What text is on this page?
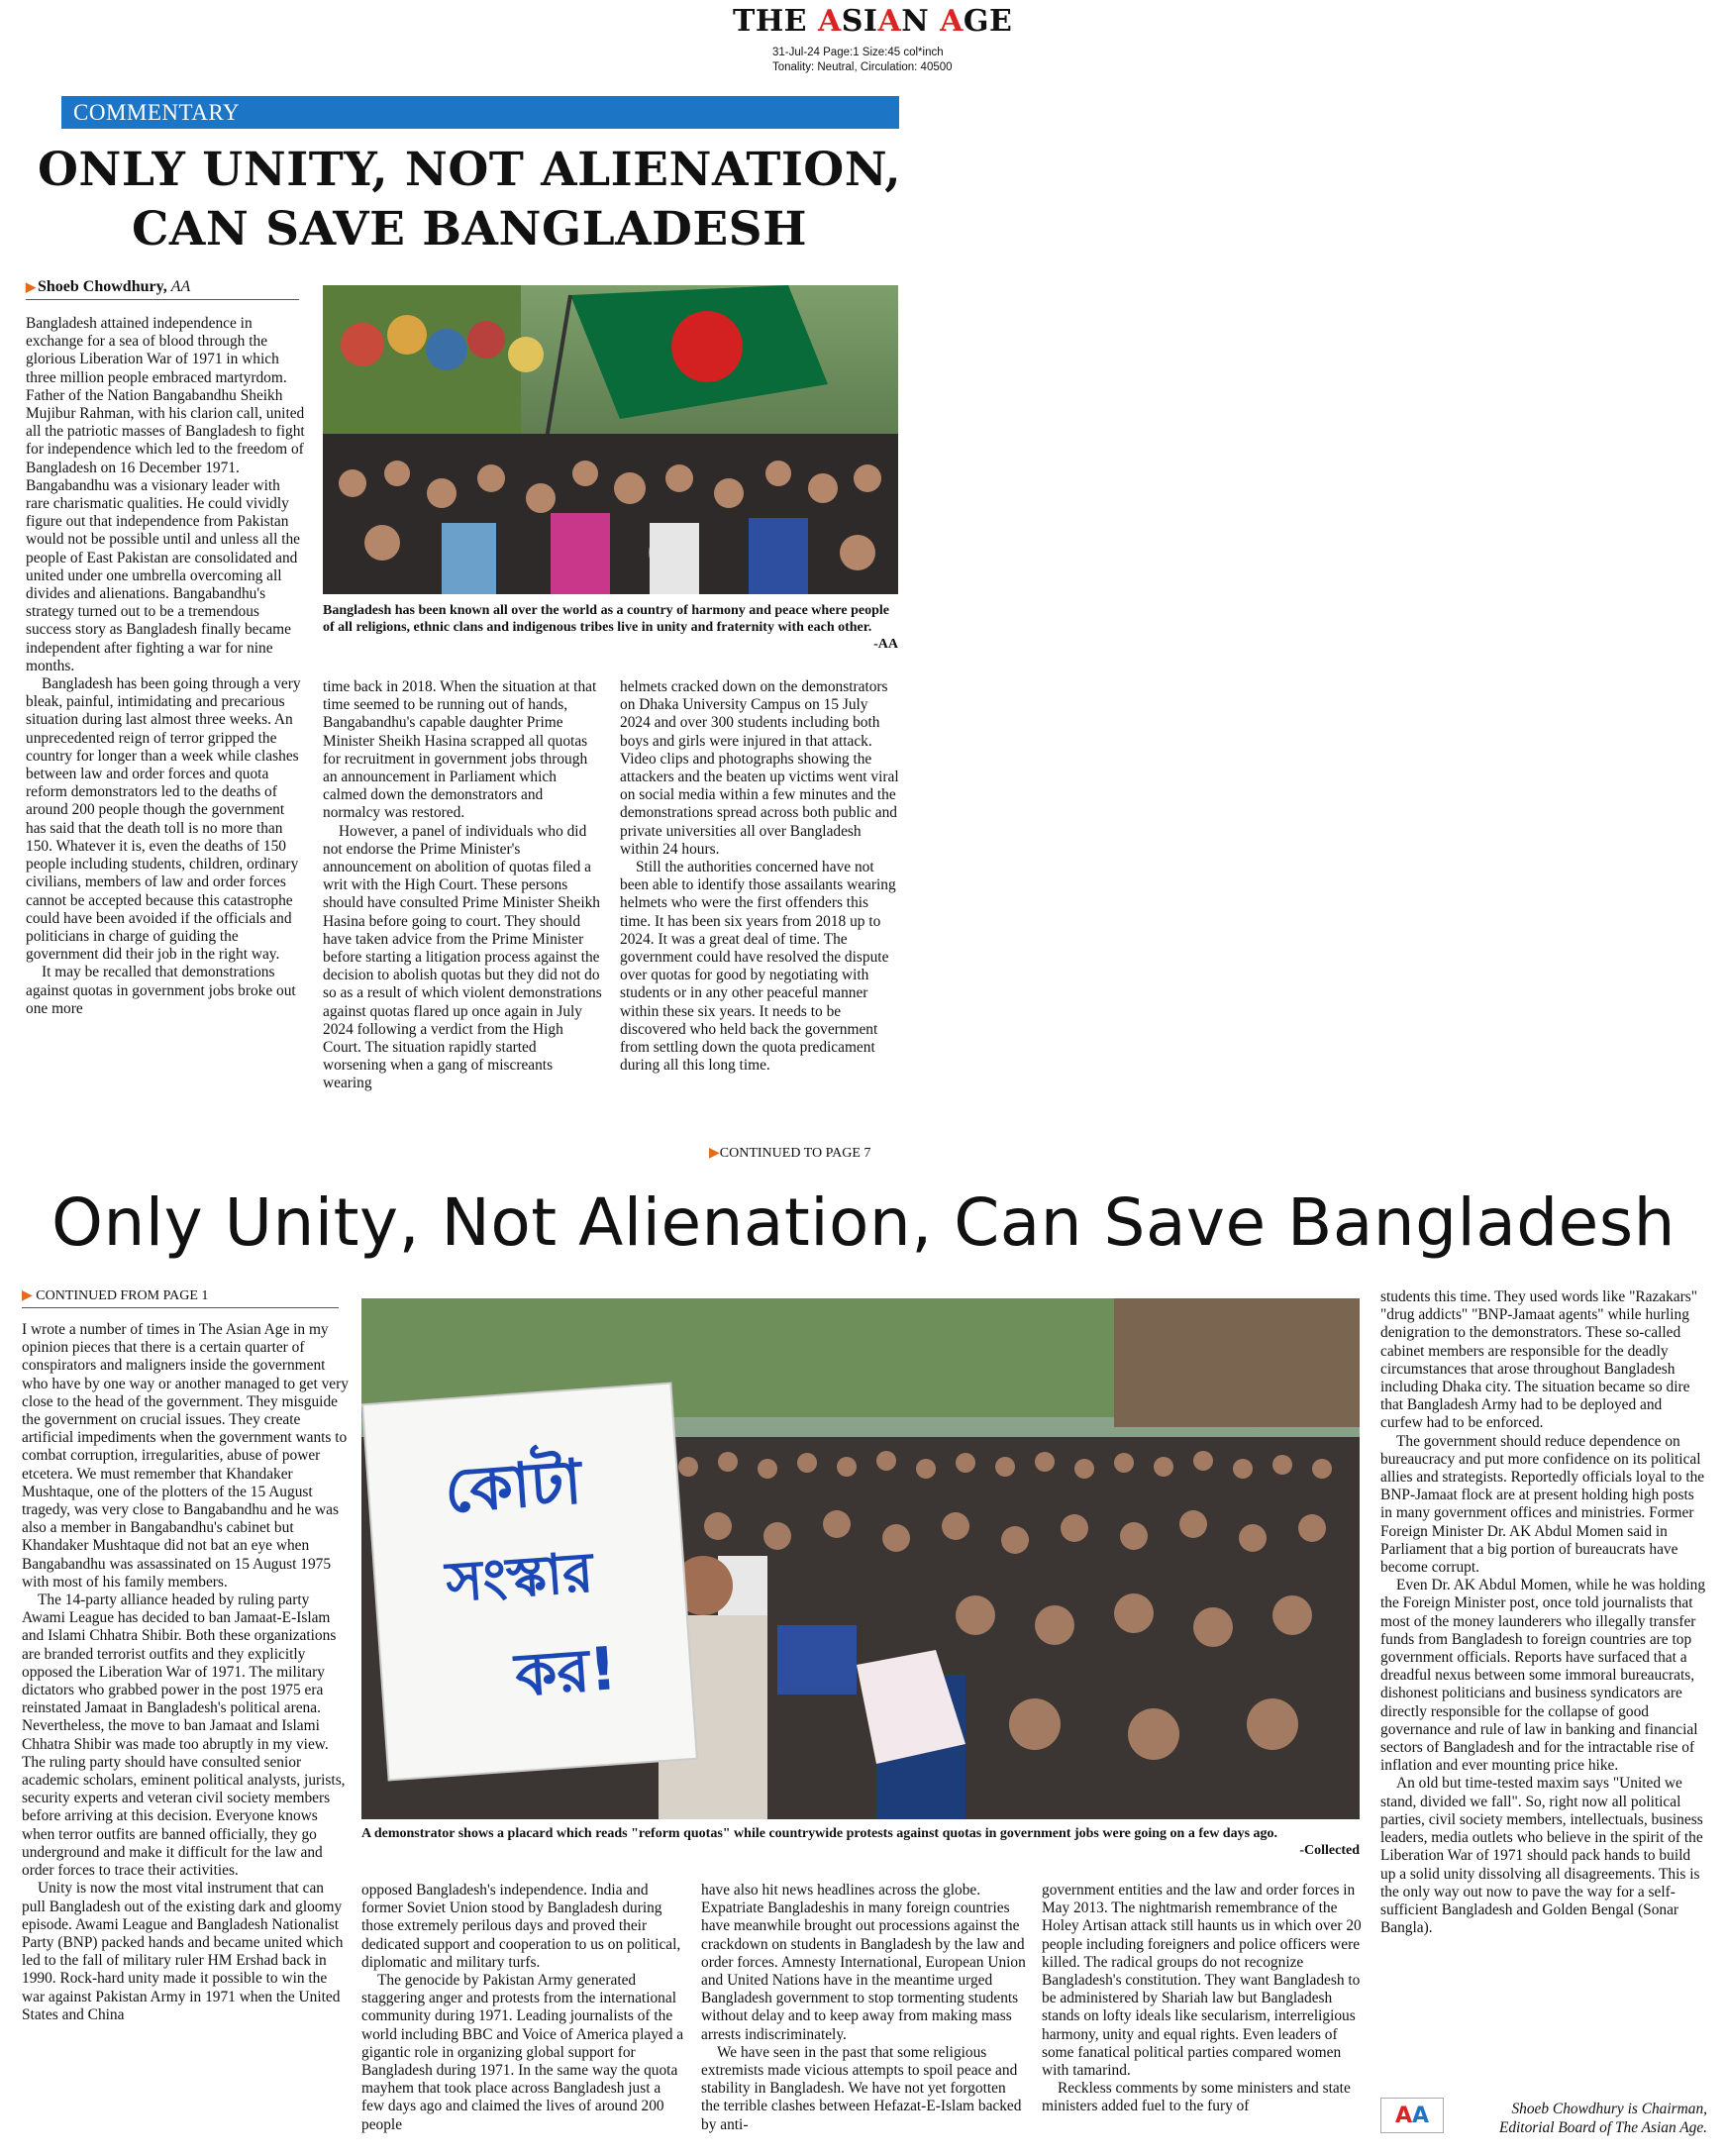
THE ASIAN AGE
31-Jul-24 Page:1 Size:45 col*inch
Tonality: Neutral, Circulation: 40500
COMMENTARY
ONLY UNITY, NOT ALIENATION, CAN SAVE BANGLADESH
▶ Shoeb Chowdhury, AA

Bangladesh attained independence in exchange for a sea of blood through the glorious Liberation War of 1971 in which three million people embraced martyrdom. Father of the Nation Bangabandhu Sheikh Mujibur Rahman, with his clarion call, united all the patriotic masses of Bangladesh to fight for independence which led to the freedom of Bangladesh on 16 December 1971. Bangabandhu was a visionary leader with rare charismatic qualities. He could vividly figure out that independence from Pakistan would not be possible until and unless all the people of East Pakistan are consolidated and united under one umbrella overcoming all divides and alienations. Bangabandhu's strategy turned out to be a tremendous success story as Bangladesh finally became independent after fighting a war for nine months.

Bangladesh has been going through a very bleak, painful, intimidating and precarious situation during last almost three weeks. An unprecedented reign of terror gripped the country for longer than a week while clashes between law and order forces and quota reform demonstrators led to the deaths of around 200 people though the government has said that the death toll is no more than 150. Whatever it is, even the deaths of 150 people including students, children, ordinary civilians, members of law and order forces cannot be accepted because this catastrophe could have been avoided if the officials and politicians in charge of guiding the government did their job in the right way.

It may be recalled that demonstrations against quotas in government jobs broke out one more

Bangladesh has been known all over the world as a country of harmony and peace where people of all religions, ethnic clans and indigenous tribes live in unity and fraternity with each other.
-AA

time back in 2018. When the situation at that time seemed to be running out of hands, Bangabandhu's capable daughter Prime Minister Sheikh Hasina scrapped all quotas for recruitment in government jobs through an announcement in Parliament which calmed down the demonstrators and normalcy was restored.

However, a panel of individuals who did not endorse the Prime Minister's announcement on abolition of quotas filed a writ with the High Court. These persons should have consulted Prime Minister Sheikh Hasina before going to court. They should have taken advice from the Prime Minister before starting a litigation process against the decision to abolish quotas but they did not do so as a result of which violent demonstrations against quotas flared up once again in July 2024 following a verdict from the High Court. The situation rapidly started worsening when a gang of miscreants wearing

helmets cracked down on the demonstrators on Dhaka University Campus on 15 July 2024 and over 300 students including both boys and girls were injured in that attack. Video clips and photographs showing the attackers and the beaten up victims went viral on social media within a few minutes and the demonstrations spread across both public and private universities all over Bangladesh within 24 hours.

Still the authorities concerned have not been able to identify those assailants wearing helmets who were the first offenders this time. It has been six years from 2018 up to 2024. It was a great deal of time. The government could have resolved the dispute over quotas for good by negotiating with students or in any other peaceful manner within these six years. It needs to be discovered who held back the government from settling down the quota predicament during all this long time.

▶CONTINUED TO PAGE 7
Only Unity, Not Alienation, Can Save Bangladesh
▶ CONTINUED FROM PAGE 1

I wrote a number of times in The Asian Age in my opinion pieces that there is a certain quarter of conspirators and maligners inside the government who have by one way or another managed to get very close to the head of the government. They misguide the government on crucial issues. They create artificial impediments when the government wants to combat corruption, irregularities, abuse of power etcetera. We must remember that Khandaker Mushtaque, one of the plotters of the 15 August tragedy, was very close to Bangabandhu and he was also a member in Bangabandhu's cabinet but Khandaker Mushtaque did not bat an eye when Bangabandhu was assassinated on 15 August 1975 with most of his family members.

The 14-party alliance headed by ruling party Awami League has decided to ban Jamaat-E-Islam and Islami Chhatra Shibir. Both these organizations are branded terrorist outfits and they explicitly opposed the Liberation War of 1971. The military dictators who grabbed power in the post 1975 era reinstated Jamaat in Bangladesh's political arena. Nevertheless, the move to ban Jamaat and Islami Chhatra Shibir was made too abruptly in my view. The ruling party should have consulted senior academic scholars, eminent political analysts, jurists, security experts and veteran civil society members before arriving at this decision. Everyone knows when terror outfits are banned officially, they go underground and make it difficult for the law and order forces to trace their activities.

Unity is now the most vital instrument that can pull Bangladesh out of the existing dark and gloomy episode. Awami League and Bangladesh Nationalist Party (BNP) packed hands and became united which led to the fall of military ruler HM Ershad back in 1990. Rock-hard unity made it possible to win the war against Pakistan Army in 1971 when the United States and China

কোটা
সংস্কার
কর!
A demonstrator shows a placard which reads "reform quotas" while countrywide protests against quotas in government jobs were going on a few days ago.
-Collected

opposed Bangladesh's independence. India and former Soviet Union stood by Bangladesh during those extremely perilous days and proved their dedicated support and cooperation to us on political, diplomatic and military turfs.

The genocide by Pakistan Army generated staggering anger and protests from the international community during 1971. Leading journalists of the world including BBC and Voice of America played a gigantic role in organizing global support for Bangladesh during 1971. In the same way the quota mayhem that took place across Bangladesh just a few days ago and claimed the lives of around 200 people

have also hit news headlines across the globe. Expatriate Bangladeshis in many foreign countries have meanwhile brought out processions against the crackdown on students in Bangladesh by the law and order forces. Amnesty International, European Union and United Nations have in the meantime urged Bangladesh government to stop tormenting students without delay and to keep away from making mass arrests indiscriminately.

We have seen in the past that some religious extremists made vicious attempts to spoil peace and stability in Bangladesh. We have not yet forgotten the terrible clashes between Hefazat-E-Islam backed by anti-

government entities and the law and order forces in May 2013. The nightmarish remembrance of the Holey Artisan attack still haunts us in which over 20 people including foreigners and police officers were killed. The radical groups do not recognize Bangladesh's constitution. They want Bangladesh to be administered by Shariah law but Bangladesh stands on lofty ideals like secularism, interreligious harmony, unity and equal rights. Even leaders of some fanatical political parties compared women with tamarind.

Reckless comments by some ministers and state ministers added fuel to the fury of

students this time. They used words like "Razakars" "drug addicts" "BNP-Jamaat agents" while hurling denigration to the demonstrators. These so-called cabinet members are responsible for the deadly circumstances that arose throughout Bangladesh including Dhaka city. The situation became so dire that Bangladesh Army had to be deployed and curfew had to be enforced.

The government should reduce dependence on bureaucracy and put more confidence on its political allies and strategists. Reportedly officials loyal to the BNP-Jamaat flock are at present holding high posts in many government offices and ministries. Former Foreign Minister Dr. AK Abdul Momen said in Parliament that a big portion of bureaucrats have become corrupt.

Even Dr. AK Abdul Momen, while he was holding the Foreign Minister post, once told journalists that most of the money launderers who illegally transfer funds from Bangladesh to foreign countries are top government officials. Reports have surfaced that a dreadful nexus between some immoral bureaucrats, dishonest politicians and business syndicators are directly responsible for the collapse of good governance and rule of law in banking and financial sectors of Bangladesh and for the intractable rise of inflation and ever mounting price hike.

An old but time-tested maxim says "United we stand, divided we fall". So, right now all political parties, civil society members, intellectuals, business leaders, media outlets who believe in the spirit of the Liberation War of 1971 should pack hands to build up a solid unity dissolving all disagreements. This is the only way out now to pave the way for a self-sufficient Bangladesh and Golden Bengal (Sonar Bangla).

A A	Shoeb Chowdhury is Chairman,
Editorial Board of The Asian Age.
